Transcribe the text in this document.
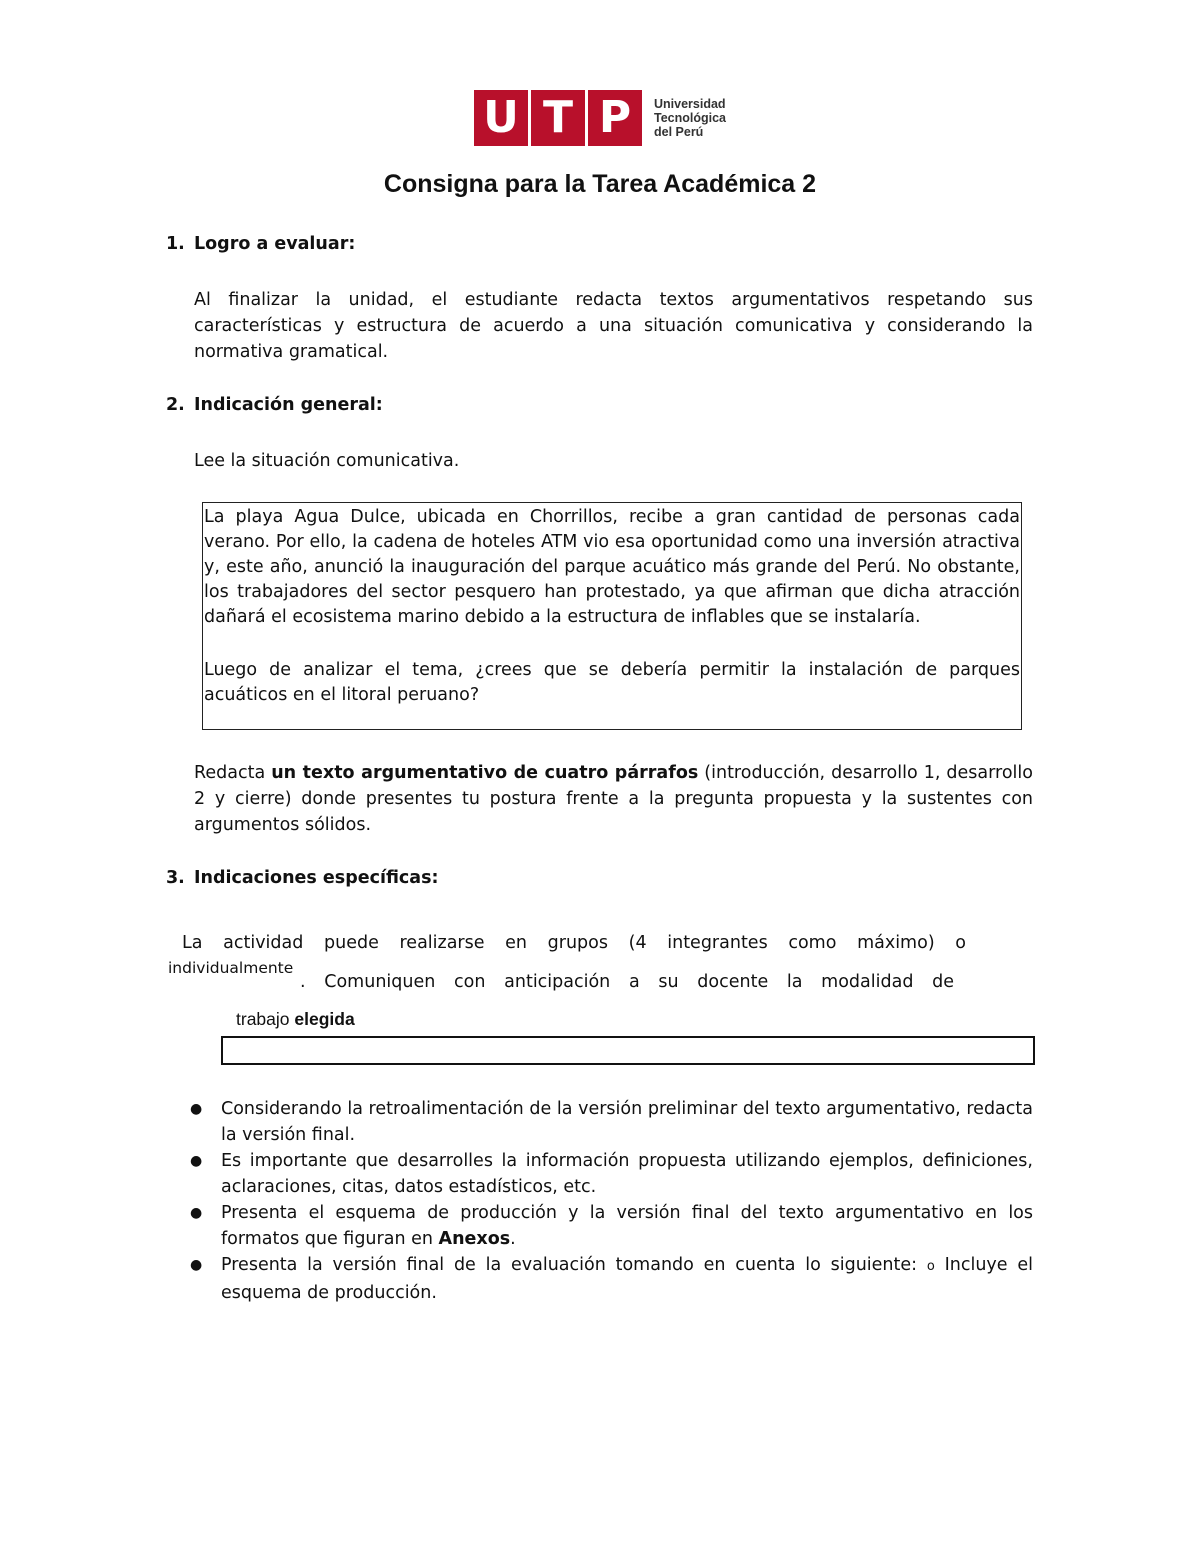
U T P	Universidad
Tecnológica
del Perú
Consigna para la Tarea Académica 2
1. Logro a evaluar:
Al finalizar la unidad, el estudiante redacta textos argumentativos respetando sus características y estructura de acuerdo a una situación comunicativa y considerando la normativa gramatical.
2. Indicación general:
Lee la situación comunicativa.
La playa Agua Dulce, ubicada en Chorrillos, recibe a gran cantidad de personas cada verano. Por ello, la cadena de hoteles ATM vio esa oportunidad como una inversión atractiva y, este año, anunció la inauguración del parque acuático más grande del Perú. No obstante, los trabajadores del sector pesquero han protestado, ya que afirman que dicha atracción dañará el ecosistema marino debido a la estructura de inflables que se instalaría.
Luego de analizar el tema, ¿crees que se debería permitir la instalación de parques acuáticos en el litoral peruano?
Redacta un texto argumentativo de cuatro párrafos (introducción, desarrollo 1, desarrollo 2 y cierre) donde presentes tu postura frente a la pregunta propuesta y la sustentes con argumentos sólidos.
3. Indicaciones específicas:
La actividad puede realizarse en grupos (4 integrantes como máximo) o
individualmente
. Comuniquen con anticipación a su docente la modalidad de
trabajo elegida
●	Considerando la retroalimentación de la versión preliminar del texto argumentativo, redacta la versión final.
●	Es importante que desarrolles la información propuesta utilizando ejemplos, definiciones, aclaraciones, citas, datos estadísticos, etc.
●	Presenta el esquema de producción y la versión final del texto argumentativo en los formatos que figuran en Anexos.
●	Presenta la versión final de la evaluación tomando en cuenta lo siguiente: o Incluye el esquema de producción.
